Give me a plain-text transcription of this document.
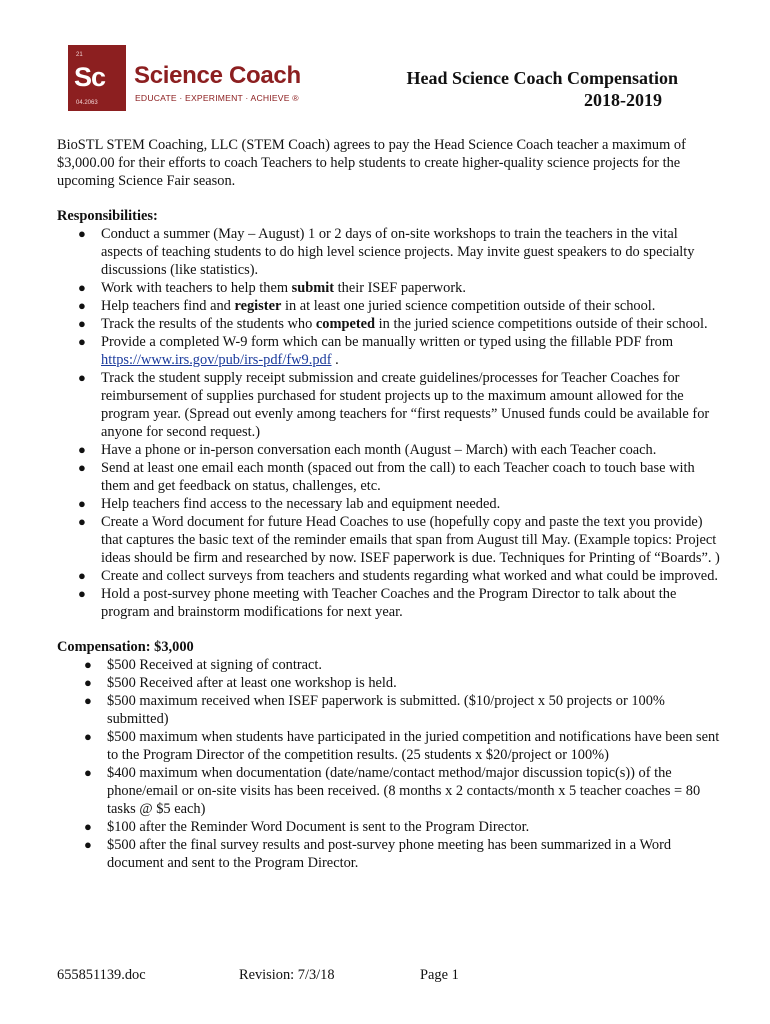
21
Sc
04.2063
Science Coach
EDUCATE · EXPERIMENT · ACHIEVE ®
Head Science Coach Compensation
2018-2019

BioSTL STEM Coaching, LLC (STEM Coach) agrees to pay the Head Science Coach teacher a maximum of $3,000.00 for their efforts to coach Teachers to help students to create higher-quality science projects for the upcoming Science Fair season.

Responsibilities:

● Conduct a summer (May – August) 1 or 2 days of on-site workshops to train the teachers in the vital aspects of teaching students to do high level science projects. May invite guest speakers to do specialty discussions (like statistics).
● Work with teachers to help them submit their ISEF paperwork.
● Help teachers find and register in at least one juried science competition outside of their school.
● Track the results of the students who competed in the juried science competitions outside of their school.
● Provide a completed W-9 form which can be manually written or typed using the fillable PDF from https://www.irs.gov/pub/irs-pdf/fw9.pdf .
● Track the student supply receipt submission and create guidelines/processes for Teacher Coaches for reimbursement of supplies purchased for student projects up to the maximum amount allowed for the program year. (Spread out evenly among teachers for “first requests” Unused funds could be available for anyone for second request.)
● Have a phone or in-person conversation each month (August – March) with each Teacher coach.
● Send at least one email each month (spaced out from the call) to each Teacher coach to touch base with them and get feedback on status, challenges, etc.
● Help teachers find access to the necessary lab and equipment needed.
● Create a Word document for future Head Coaches to use (hopefully copy and paste the text you provide) that captures the basic text of the reminder emails that span from August till May. (Example topics: Project ideas should be firm and researched by now. ISEF paperwork is due. Techniques for Printing of “Boards”. )
● Create and collect surveys from teachers and students regarding what worked and what could be improved.
● Hold a post-survey phone meeting with Teacher Coaches and the Program Director to talk about the program and brainstorm modifications for next year.

Compensation: $3,000

● $500 Received at signing of contract.
● $500 Received after at least one workshop is held.
● $500 maximum received when ISEF paperwork is submitted. ($10/project x 50 projects or 100% submitted)
● $500 maximum when students have participated in the juried competition and notifications have been sent to the Program Director of the competition results. (25 students x $20/project or 100%)
● $400 maximum when documentation (date/name/contact method/major discussion topic(s)) of the phone/email or on-site visits has been received. (8 months x 2 contacts/month x 5 teacher coaches = 80 tasks @ $5 each)
● $100 after the Reminder Word Document is sent to the Program Director.
● $500 after the final survey results and post-survey phone meeting has been summarized in a Word document and sent to the Program Director.
655851139.doc	Revision: 7/3/18	Page 1
